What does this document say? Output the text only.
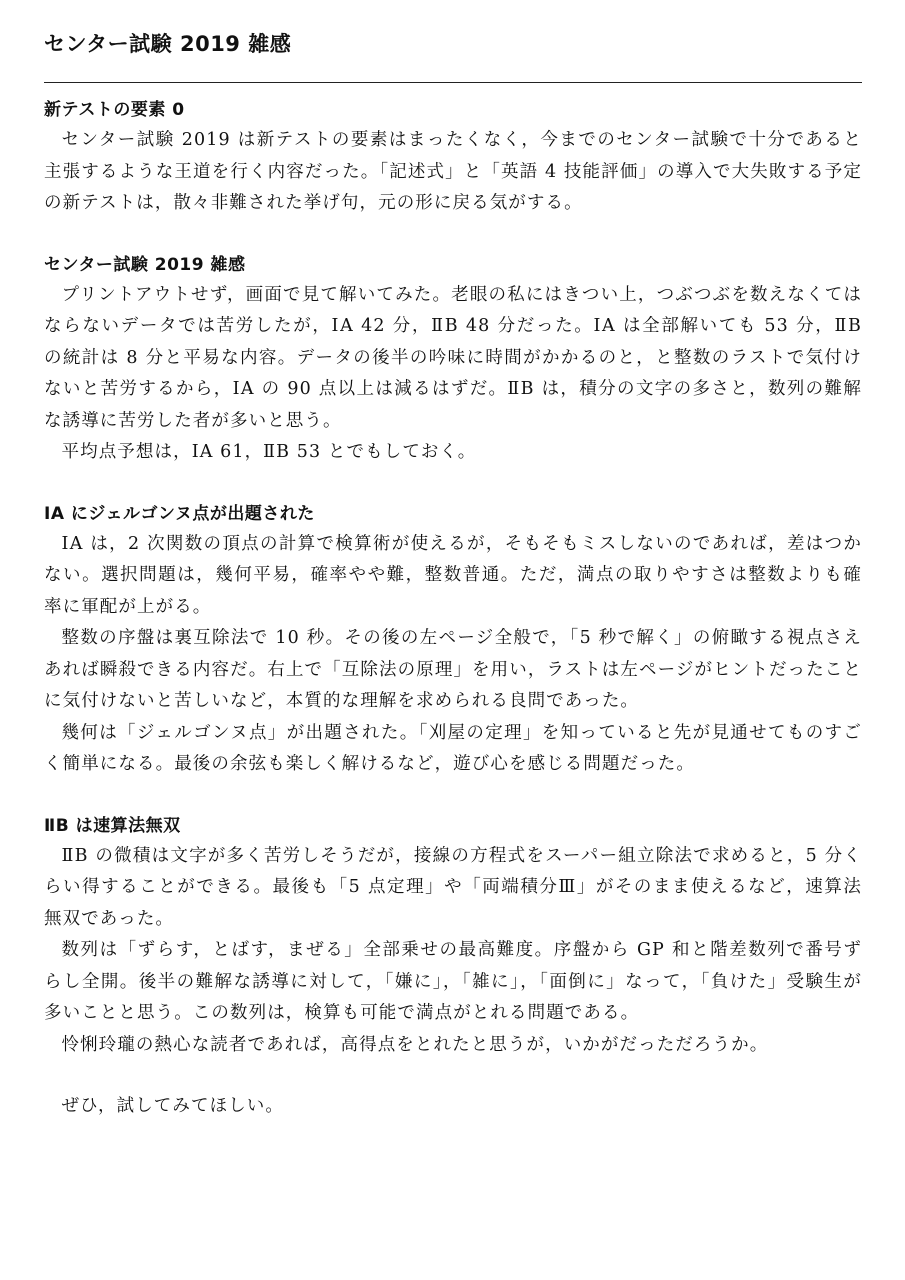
センター試験 2019 雑感
新テストの要素 0

センター試験 2019 は新テストの要素はまったくなく，今までのセンター試験で十分であると主張するような王道を行く内容だった。「記述式」と「英語 4 技能評価」の導入で大失敗する予定の新テストは，散々非難された挙げ句，元の形に戻る気がする。

センター試験 2019 雑感

プリントアウトせず，画面で見て解いてみた。老眼の私にはきつい上，つぶつぶを数えなくてはならないデータでは苦労したが，ⅠA 42 分，ⅡB 48 分だった。ⅠA は全部解いても 53 分，ⅡB の統計は 8 分と平易な内容。データの後半の吟味に時間がかかるのと，と整数のラストで気付けないと苦労するから，ⅠA の 90 点以上は減るはずだ。ⅡB は，積分の文字の多さと，数列の難解な誘導に苦労した者が多いと思う。

平均点予想は，ⅠA 61，ⅡB 53 とでもしておく。

ⅠA にジェルゴンヌ点が出題された

ⅠA は，2 次関数の頂点の計算で検算術が使えるが，そもそもミスしないのであれば，差はつかない。選択問題は，幾何平易，確率やや難，整数普通。ただ，満点の取りやすさは整数よりも確率に軍配が上がる。

整数の序盤は裏互除法で 10 秒。その後の左ページ全般で，「5 秒で解く」の俯瞰する視点さえあれば瞬殺できる内容だ。右上で「互除法の原理」を用い，ラストは左ページがヒントだったことに気付けないと苦しいなど，本質的な理解を求められる良問であった。

幾何は「ジェルゴンヌ点」が出題された。「刈屋の定理」を知っていると先が見通せてものすごく簡単になる。最後の余弦も楽しく解けるなど，遊び心を感じる問題だった。

ⅡB は速算法無双

ⅡB の微積は文字が多く苦労しそうだが，接線の方程式をスーパー組立除法で求めると，5 分くらい得することができる。最後も「5 点定理」や「両端積分Ⅲ」がそのまま使えるなど，速算法無双であった。

数列は「ずらす，とばす，まぜる」全部乗せの最高難度。序盤から GP 和と階差数列で番号ずらし全開。後半の難解な誘導に対して，「嫌に」，「雑に」，「面倒に」なって，「負けた」受験生が多いことと思う。この数列は，検算も可能で満点がとれる問題である。

怜悧玲瓏の熱心な読者であれば，高得点をとれたと思うが，いかがだっただろうか。

ぜひ，試してみてほしい。
